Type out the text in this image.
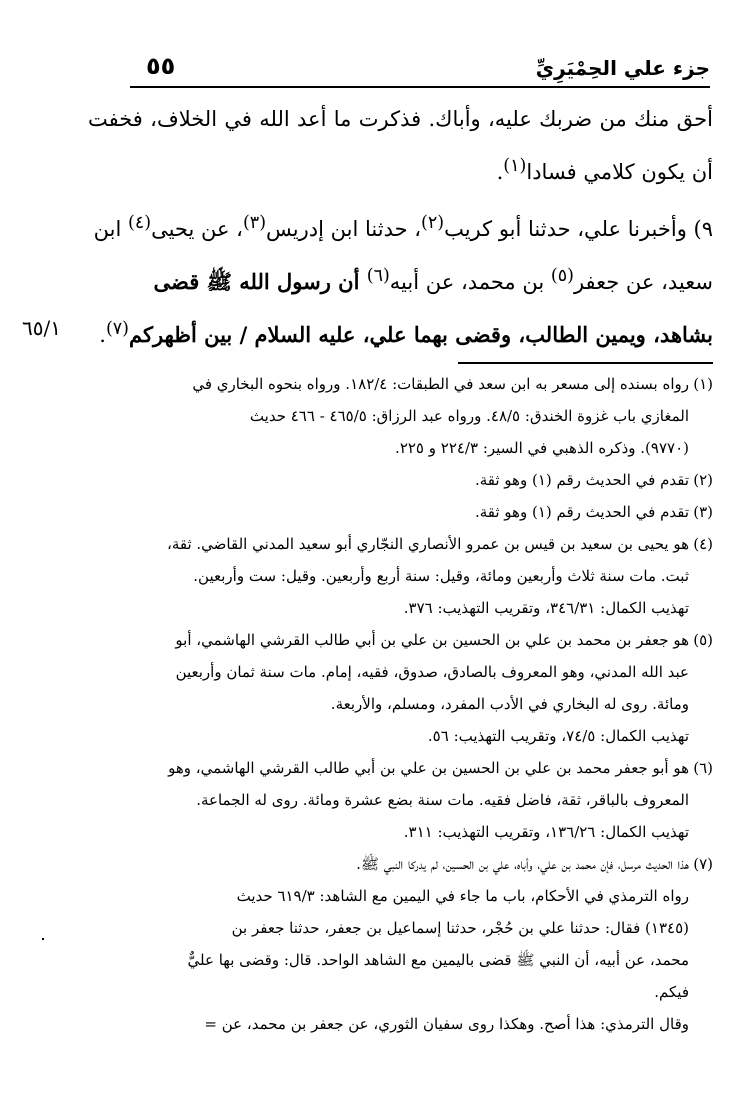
جزء علي الحِمْيَرِيِّ
٥٥

أحق منك من ضربك عليه، وأباك. فذكرت ما أعد الله في الخلاف، فخفت أن يكون كلامي فسادا$^{(١)}$.

٩) وأخبرنا علي، حدثنا أبو كريب$^{(٢)}$، حدثنا ابن إدريس$^{(٣)}$، عن يحيى$^{(٤)}$ ابن سعيد، عن جعفر$^{(٥)}$ بن محمد، عن أبيه$^{(٦)}$ أن رسول الله ﷺ قضى بشاهد، ويمين الطالب، وقضى بهما علي، عليه السلام / بين أظهركم$^{(٧)}$.

٦٥/١
(١)
رواه بسنده إلى مسعر به ابن سعد في الطبقات: ١٨٢/٤. ورواه بنحوه البخاري في
المغازي باب غزوة الخندق: ٤٨/٥. ورواه عبد الرزاق: ٤٦٥/٥ - ٤٦٦ حديث
(٩٧٧٠). وذكره الذهبي في السير: ٢٢٤/٣ و ٢٢٥.
(٢)
تقدم في الحديث رقم (١) وهو ثقة.
(٣)
تقدم في الحديث رقم (١) وهو ثقة.
(٤)
هو يحيى بن سعيد بن قيس بن عمرو الأنصاري النجّاري أبو سعيد المدني القاضي. ثقة،
ثبت. مات سنة ثلاث وأربعين ومائة، وقيل: سنة أربع وأربعين. وقيل: ست وأربعين.
تهذيب الكمال: ٣٤٦/٣١، وتقريب التهذيب: ٣٧٦.
(٥)
هو جعفر بن محمد بن علي بن الحسين بن علي بن أبي طالب القرشي الهاشمي، أبو
عبد الله المدني، وهو المعروف بالصادق، صدوق، فقيه، إمام. مات سنة ثمان وأربعين
ومائة. روى له البخاري في الأدب المفرد، ومسلم، والأربعة.
تهذيب الكمال: ٧٤/٥، وتقريب التهذيب: ٥٦.
(٦)
هو أبو جعفر محمد بن علي بن الحسين بن علي بن أبي طالب القرشي الهاشمي، وهو
المعروف بالباقر، ثقة، فاضل فقيه. مات سنة بضع عشرة ومائة. روى له الجماعة.
تهذيب الكمال: ١٣٦/٢٦، وتقريب التهذيب: ٣١١.
(٧)
هذا الحديث مرسل، فإن محمد بن علي، وأباه، علي بن الحسين، لم يدركا النبي ﷺ.
رواه الترمذي في الأحكام، باب ما جاء في اليمين مع الشاهد: ٦١٩/٣ حديث
(١٣٤٥) فقال: حدثنا علي بن حُجْر، حدثنا إسماعيل بن جعفر، حدثنا جعفر بن
محمد، عن أبيه، أن النبي ﷺ قضى باليمين مع الشاهد الواحد. قال: وقضى بها عليٌّ
فيكم.
وقال الترمذي: هذا أصح. وهكذا روى سفيان الثوري، عن جعفر بن محمد، عن =
